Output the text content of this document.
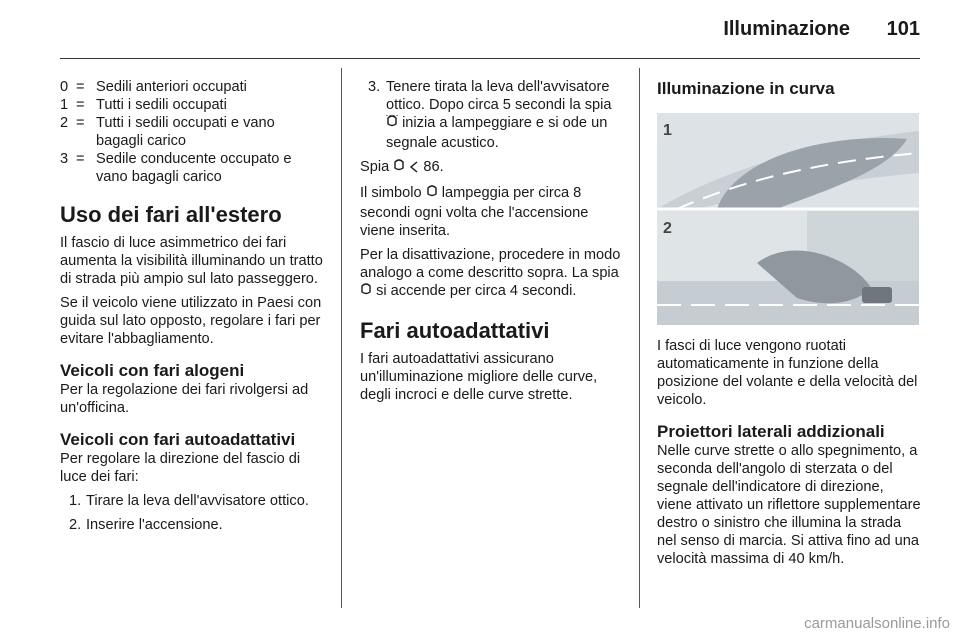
Illuminazione	101
0 = Sedili anteriori occupati
1 = Tutti i sedili occupati
2 = Tutti i sedili occupati e vano bagagli carico
3 = Sedile conducente occupato e vano bagagli carico
Uso dei fari all'estero

Il fascio di luce asimmetrico dei fari aumenta la visibilità illuminando un tratto di strada più ampio sul lato passeggero.

Se il veicolo viene utilizzato in Paesi con guida sul lato opposto, regolare i fari per evitare l'abbagliamento.

Veicoli con fari alogeni

Per la regolazione dei fari rivolgersi ad un'officina.

Veicoli con fari autoadattativi

Per regolare la direzione del fascio di luce dei fari:

1. Tirare la leva dell'avvisatore ottico.
2. Inserire l'accensione.
3. Tenere tirata la leva dell'avvisatore ottico. Dopo circa 5 secondi la spia  inizia a lampeggiare e si ode un segnale acustico.

Spia 86.

Il simbolo lampeggia per circa 8 secondi ogni volta che l'accensione viene inserita.

Per la disattivazione, procedere in modo analogo a come descritto sopra. La spia  si accende per circa 4 secondi.

Fari autoadattativi

I fari autoadattativi assicurano un'illuminazione migliore delle curve, degli incroci e delle curve strette.

Illuminazione in curva
1
2

I fasci di luce vengono ruotati automaticamente in funzione della posizione del volante e della velocità del veicolo.

Proiettori laterali addizionali

Nelle curve strette o allo spegnimento, a seconda dell'angolo di sterzata o del segnale dell'indicatore di direzione, viene attivato un riflettore supplementare destro o sinistro che illumina la strada nel senso di marcia. Si attiva fino ad una velocità massima di 40 km/h.

carmanualsonline.info
